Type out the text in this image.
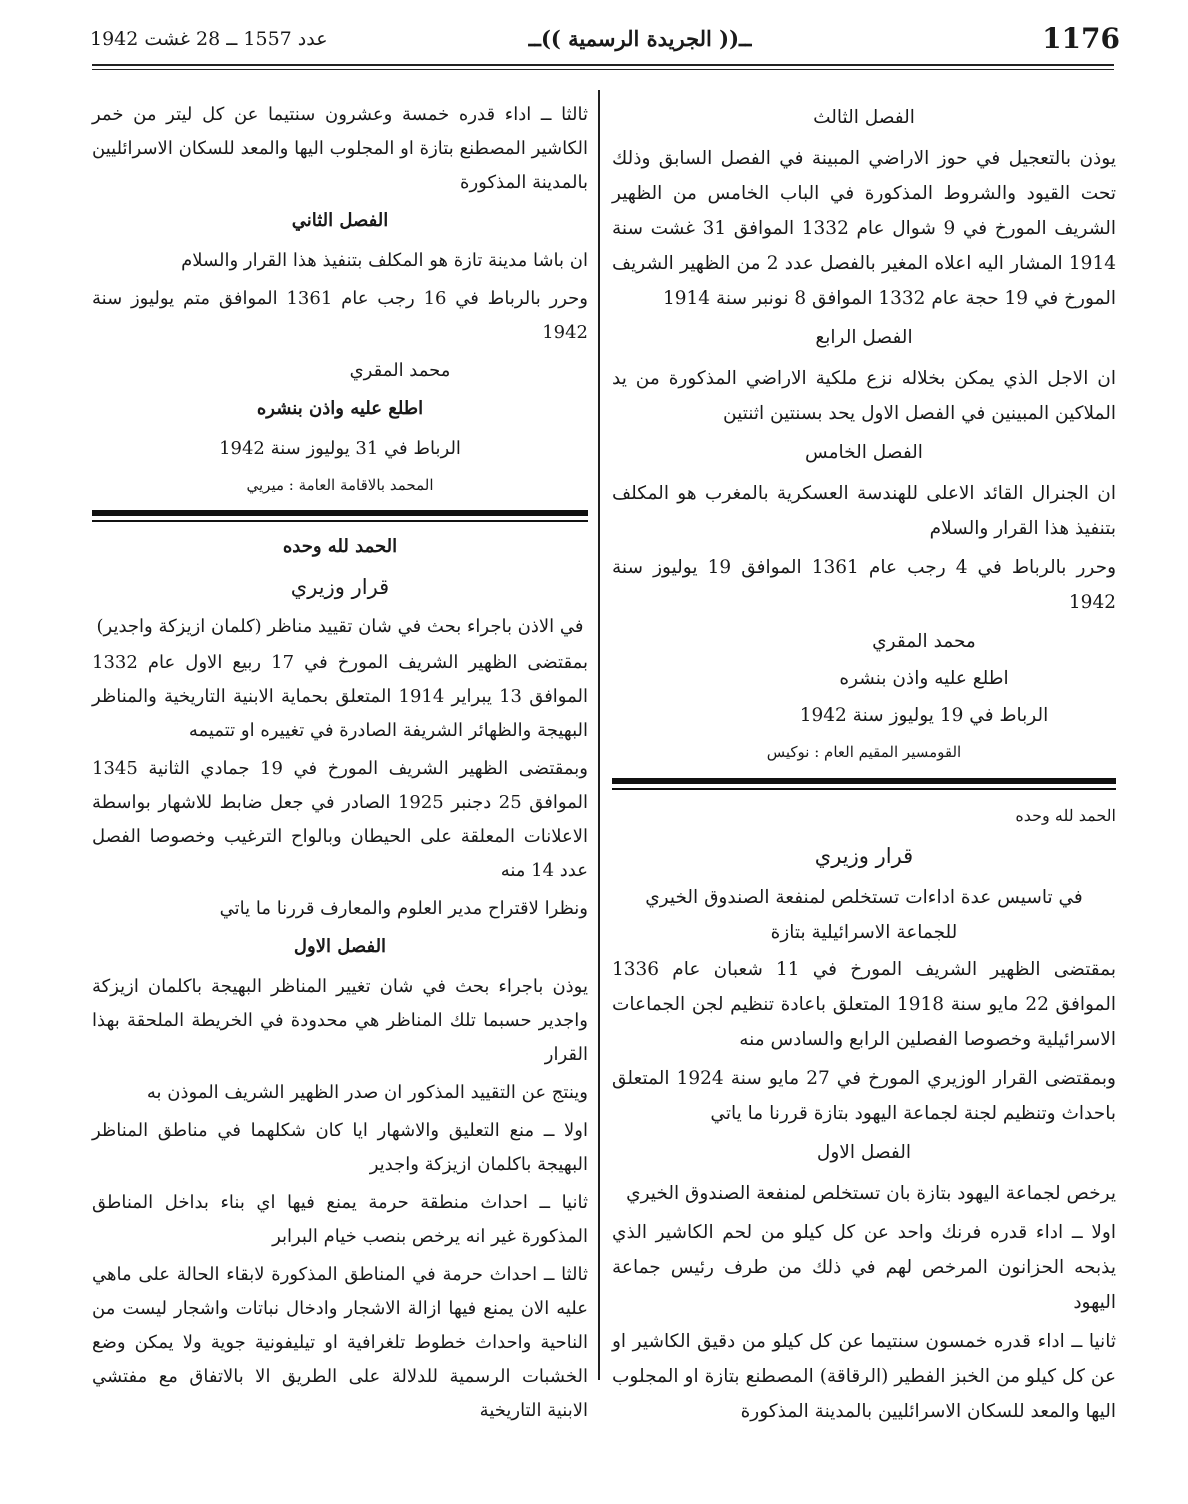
عدد 1557 ــ 28 غشت 1942	ــ(( الجريدة الرسمية ))ــ	1176

الفصل الثالث

يوذن بالتعجيل في حوز الاراضي المبينة في الفصل السابق وذلك تحت القيود والشروط المذكورة في الباب الخامس من الظهير الشريف المورخ في 9 شوال عام 1332 الموافق 31 غشت سنة 1914 المشار اليه اعلاه المغير بالفصل عدد 2 من الظهير الشريف المورخ في 19 حجة عام 1332 الموافق 8 نونبر سنة 1914

الفصل الرابع

ان الاجل الذي يمكن بخلاله نزع ملكية الاراضي المذكورة من يد الملاكين المبينين في الفصل الاول يحد بسنتين اثنتين

الفصل الخامس

ان الجنرال القائد الاعلى للهندسة العسكرية بالمغرب هو المكلف بتنفيذ هذا القرار والسلام

وحرر بالرباط في 4 رجب عام 1361 الموافق 19 يوليوز سنة 1942

محمد المقري

اطلع عليه واذن بنشره

الرباط في 19 يوليوز سنة 1942

القومسير المقيم العام : نوكيس

الحمد لله وحده

قرار وزيري

في تاسيس عدة اداءات تستخلص لمنفعة الصندوق الخيري للجماعة الاسرائيلية بتازة

بمقتضى الظهير الشريف المورخ في 11 شعبان عام 1336 الموافق 22 مايو سنة 1918 المتعلق باعادة تنظيم لجن الجماعات الاسرائيلية وخصوصا الفصلين الرابع والسادس منه

وبمقتضى القرار الوزيري المورخ في 27 مايو سنة 1924 المتعلق باحداث وتنظيم لجنة لجماعة اليهود بتازة قررنا ما ياتي

الفصل الاول

يرخص لجماعة اليهود بتازة بان تستخلص لمنفعة الصندوق الخيري

اولا ــ اداء قدره فرنك واحد عن كل كيلو من لحم الكاشير الذي يذبحه الحزانون المرخص لهم في ذلك من طرف رئيس جماعة اليهود

ثانيا ــ اداء قدره خمسون سنتيما عن كل كيلو من دقيق الكاشير او عن كل كيلو من الخبز الفطير (الرقاقة) المصطنع بتازة او المجلوب اليها والمعد للسكان الاسرائليين بالمدينة المذكورة

ثالثا ــ اداء قدره خمسة وعشرون سنتيما عن كل ليتر من خمر الكاشير المصطنع بتازة او المجلوب اليها والمعد للسكان الاسرائليين بالمدينة المذكورة

الفصل الثاني

ان باشا مدينة تازة هو المكلف بتنفيذ هذا القرار والسلام

وحرر بالرباط في 16 رجب عام 1361 الموافق متم يوليوز سنة 1942

محمد المقري

اطلع عليه واذن بنشره

الرباط في 31 يوليوز سنة 1942

المحمد بالاقامة العامة : ميريي

الحمد لله وحده

قرار وزيري

في الاذن باجراء بحث في شان تقييد مناظر (كلمان ازيزكة واجدير)

بمقتضى الظهير الشريف المورخ في 17 ربيع الاول عام 1332 الموافق 13 يبراير 1914 المتعلق بحماية الابنية التاريخية والمناظر البهيجة والظهائر الشريفة الصادرة في تغييره او تتميمه

وبمقتضى الظهير الشريف المورخ في 19 جمادي الثانية 1345 الموافق 25 دجنبر 1925 الصادر في جعل ضابط للاشهار بواسطة الاعلانات المعلقة على الحيطان وبالواح الترغيب وخصوصا الفصل عدد 14 منه

ونظرا لاقتراح مدير العلوم والمعارف قررنا ما ياتي

الفصل الاول

يوذن باجراء بحث في شان تغيير المناظر البهيجة باكلمان ازيزكة واجدير حسبما تلك المناظر هي محدودة في الخريطة الملحقة بهذا القرار

وينتج عن التقييد المذكور ان صدر الظهير الشريف الموذن به

اولا ــ منع التعليق والاشهار ايا كان شكلهما في مناطق المناظر البهيجة باكلمان ازيزكة واجدير

ثانيا ــ احداث منطقة حرمة يمنع فيها اي بناء بداخل المناطق المذكورة غير انه يرخص بنصب خيام البرابر

ثالثا ــ احداث حرمة في المناطق المذكورة لابقاء الحالة على ماهي عليه الان يمنع فيها ازالة الاشجار وادخال نباتات واشجار ليست من الناحية واحداث خطوط تلغرافية او تيليفونية جوية ولا يمكن وضع الخشبات الرسمية للدلالة على الطريق الا بالاتفاق مع مفتشي الابنية التاريخية
